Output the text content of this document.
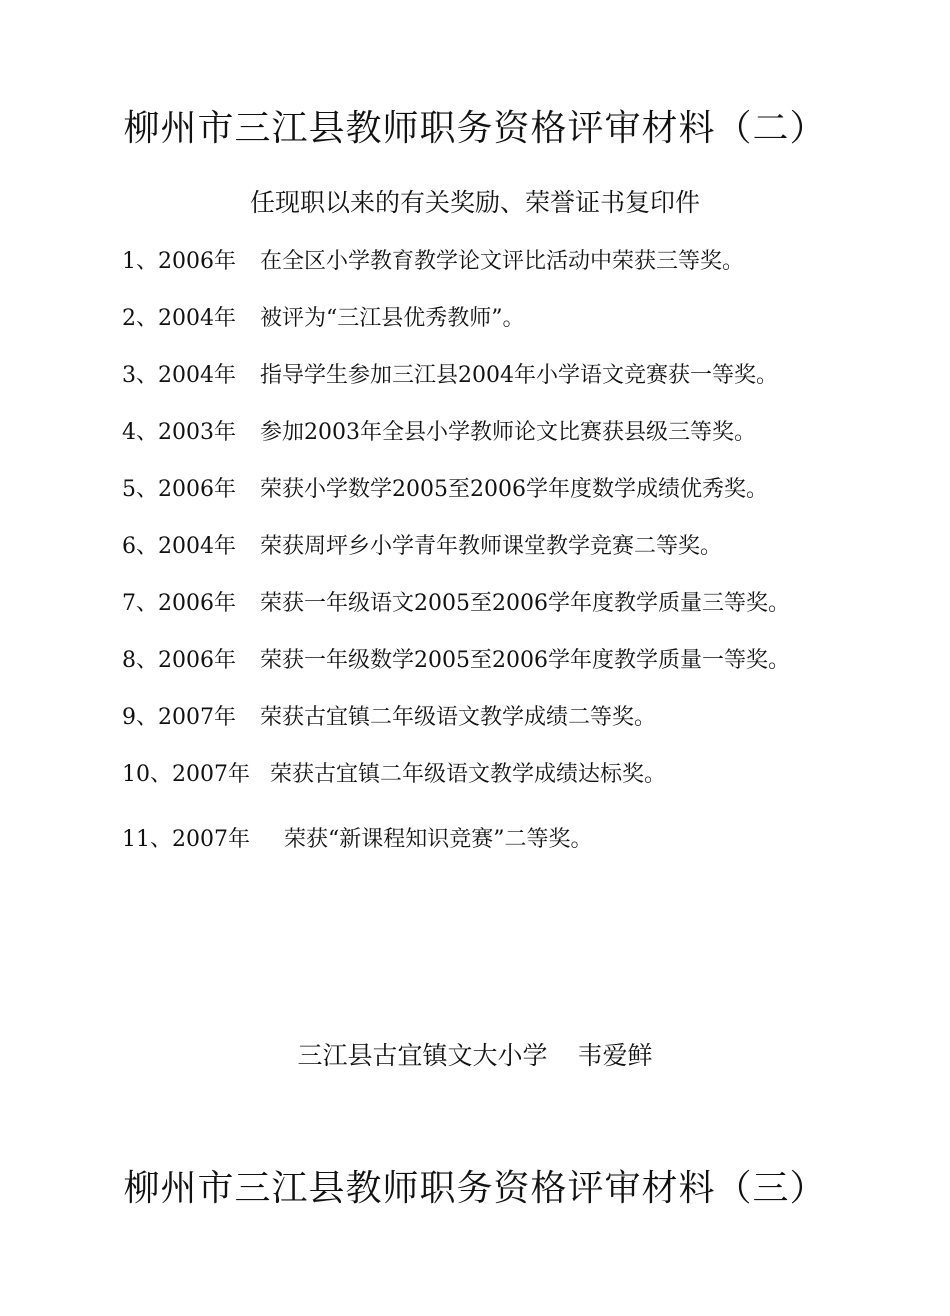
柳州市三江县教师职务资格评审材料（二）
任现职以来的有关奖励、荣誉证书复印件
1、2006年	在全区小学教育教学论文评比活动中荣获三等奖。
2、2004年	被评为“三江县优秀教师”。
3、2004年	指导学生参加三江县2004年小学语文竞赛获一等奖。
4、2003年	参加2003年全县小学教师论文比赛获县级三等奖。
5、2006年	荣获小学数学2005至2006学年度数学成绩优秀奖。
6、2004年	荣获周坪乡小学青年教师课堂教学竞赛二等奖。
7、2006年	荣获一年级语文2005至2006学年度教学质量三等奖。
8、2006年	荣获一年级数学2005至2006学年度教学质量一等奖。
9、2007年	荣获古宜镇二年级语文教学成绩二等奖。
10、2007年 荣获古宜镇二年级语文教学成绩达标奖。
11、2007年	荣获“新课程知识竞赛”二等奖。
三江县古宜镇文大小学 韦爱鲜
柳州市三江县教师职务资格评审材料（三）
